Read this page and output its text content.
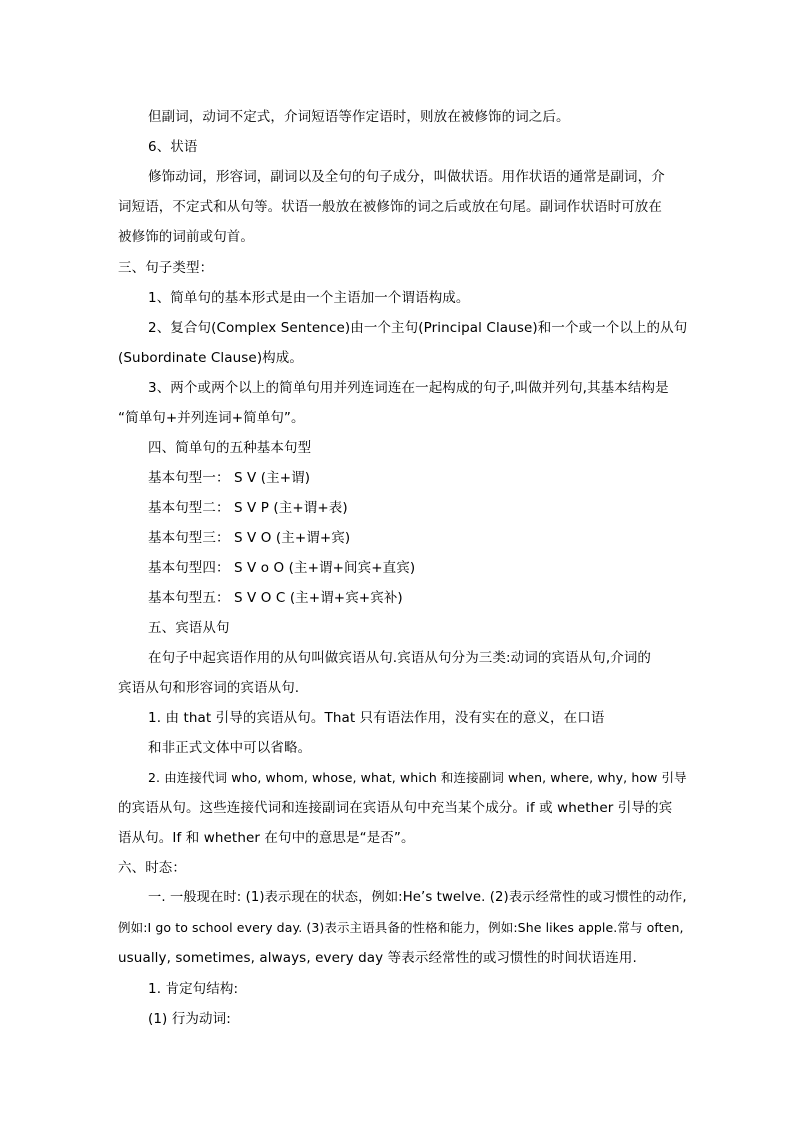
但副词，动词不定式，介词短语等作定语时，则放在被修饰的词之后。
6、状语
修饰动词，形容词，副词以及全句的句子成分，叫做状语。用作状语的通常是副词，介
词短语，不定式和从句等。状语一般放在被修饰的词之后或放在句尾。副词作状语时可放在
被修饰的词前或句首。
三、句子类型：
1、简单句的基本形式是由一个主语加一个谓语构成。
2、复合句(Complex Sentence)由一个主句(Principal Clause)和一个或一个以上的从句
(Subordinate Clause)构成。
3、两个或两个以上的简单句用并列连词连在一起构成的句子,叫做并列句,其基本结构是
“简单句+并列连词+简单句”。
四、简单句的五种基本句型
基本句型一： S V (主+谓)
基本句型二： S V P (主+谓+表)
基本句型三： S V O (主+谓+宾)
基本句型四： S V o O (主+谓+间宾+直宾)
基本句型五： S V O C (主+谓+宾+宾补)
五、宾语从句
在句子中起宾语作用的从句叫做宾语从句.宾语从句分为三类:动词的宾语从句,介词的
宾语从句和形容词的宾语从句.
1. 由 that 引导的宾语从句。That 只有语法作用，没有实在的意义，在口语
和非正式文体中可以省略。
2. 由连接代词 who, whom, whose, what, which 和连接副词 when, where, why, how 引导
的宾语从句。这些连接代词和连接副词在宾语从句中充当某个成分。if 或 whether 引导的宾
语从句。If 和 whether 在句中的意思是“是否”。
六、时态：
一. 一般现在时: (1)表示现在的状态，例如:He’s twelve. (2)表示经常性的或习惯性的动作,
例如:I go to school every day. (3)表示主语具备的性格和能力，例如:She likes apple.常与 often,
usually, sometimes, always, every day 等表示经常性的或习惯性的时间状语连用.
1. 肯定句结构:
(1) 行为动词:
